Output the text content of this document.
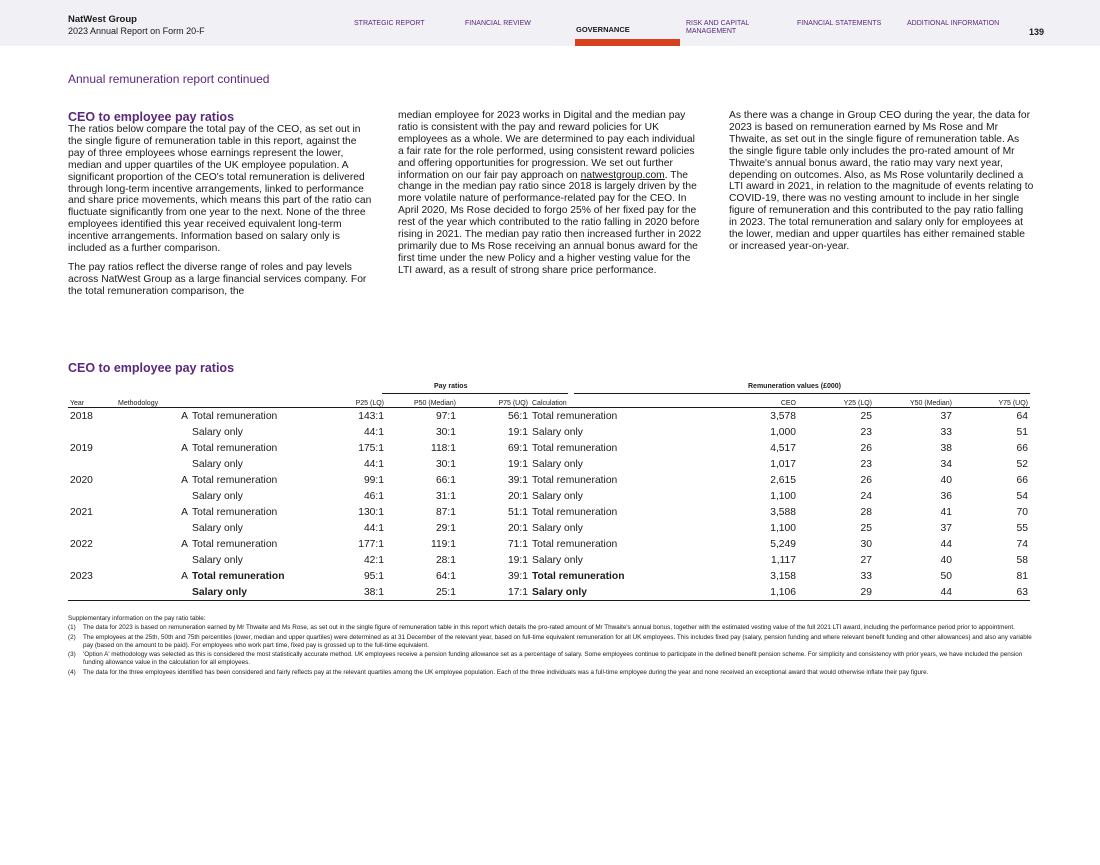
NatWest Group
2023 Annual Report on Form 20-F
STRATEGIC REPORT	FINANCIAL REVIEW
GOVERNANCE
RISK AND CAPITAL MANAGEMENT
FINANCIAL STATEMENTS	ADDITIONAL INFORMATION
139
Annual remuneration report continued
CEO to employee pay ratios

The ratios below compare the total pay of the CEO, as set out in the single figure of remuneration table in this report, against the pay of three employees whose earnings represent the lower, median and upper quartiles of the UK employee population. A significant proportion of the CEO's total remuneration is delivered through long-term incentive arrangements, linked to performance and share price movements, which means this part of the ratio can fluctuate significantly from one year to the next. None of the three employees identified this year received equivalent long-term incentive arrangements. Information based on salary only is included as a further comparison.

The pay ratios reflect the diverse range of roles and pay levels across NatWest Group as a large financial services company. For the total remuneration comparison, the

median employee for 2023 works in Digital and the median pay ratio is consistent with the pay and reward policies for UK employees as a whole. We are determined to pay each individual a fair rate for the role performed, using consistent reward policies and offering opportunities for progression. We set out further information on our fair pay approach on natwestgroup.com. The change in the median pay ratio since 2018 is largely driven by the more volatile nature of performance-related pay for the CEO. In April 2020, Ms Rose decided to forgo 25% of her fixed pay for the rest of the year which contributed to the ratio falling in 2020 before rising in 2021. The median pay ratio then increased further in 2022 primarily due to Ms Rose receiving an annual bonus award for the first time under the new Policy and a higher vesting value for the LTI award, as a result of strong share price performance.

As there was a change in Group CEO during the year, the data for 2023 is based on remuneration earned by Ms Rose and Mr Thwaite, as set out in the single figure of remuneration table. As the single figure table only includes the pro-rated amount of Mr Thwaite's annual bonus award, the ratio may vary next year, depending on outcomes. Also, as Ms Rose voluntarily declined a LTI award in 2021, in relation to the magnitude of events relating to COVID-19, there was no vesting amount to include in her single figure of remuneration and this contributed to the pay ratio falling in 2023. The total remuneration and salary only for employees at the lower, median and upper quartiles has either remained stable or increased year-on-year.

CEO to employee pay ratios
Pay ratios	Remuneration values (£000)
Year	Methodology		P25 (LQ)	P50 (Median)	P75 (UQ)	Calculation	CEO	Y25 (LQ)	Y50 (Median)	Y75 (UQ)
2018	A	Total remuneration	143:1	97:1	56:1	Total remuneration	3,578	25	37	64
		Salary only	44:1	30:1	19:1	Salary only	1,000	23	33	51
2019	A	Total remuneration	175:1	118:1	69:1	Total remuneration	4,517	26	38	66
		Salary only	44:1	30:1	19:1	Salary only	1,017	23	34	52
2020	A	Total remuneration	99:1	66:1	39:1	Total remuneration	2,615	26	40	66
		Salary only	46:1	31:1	20:1	Salary only	1,100	24	36	54
2021	A	Total remuneration	130:1	87:1	51:1	Total remuneration	3,588	28	41	70
		Salary only	44:1	29:1	20:1	Salary only	1,100	25	37	55
2022	A	Total remuneration	177:1	119:1	71:1	Total remuneration	5,249	30	44	74
		Salary only	42:1	28:1	19:1	Salary only	1,117	27	40	58
2023	A	Total remuneration	95:1	64:1	39:1	Total remuneration	3,158	33	50	81
		Salary only	38:1	25:1	17:1	Salary only	1,106	29	44	63
Supplementary information on the pay ratio table:
(1) The data for 2023 is based on remuneration earned by Mr Thwaite and Ms Rose, as set out in the single figure of remuneration table in this report which details the pro-rated amount of Mr Thwaite's annual bonus, together with the estimated vesting value of the full 2021 LTI award, including the performance period prior to appointment.
(2) The employees at the 25th, 50th and 75th percentiles (lower, median and upper quartiles) were determined as at 31 December of the relevant year, based on full-time equivalent remuneration for all UK employees. This includes fixed pay (salary, pension funding and where relevant benefit funding and other allowances) and also any variable pay (based on the amount to be paid). For employees who work part time, fixed pay is grossed up to the full-time equivalent.
(3) 'Option A' methodology was selected as this is considered the most statistically accurate method. UK employees receive a pension funding allowance set as a percentage of salary. Some employees continue to participate in the defined benefit pension scheme. For simplicity and consistency with prior years, we have included the pension funding allowance value in the calculation for all employees.
(4) The data for the three employees identified has been considered and fairly reflects pay at the relevant quartiles among the UK employee population. Each of the three individuals was a full-time employee during the year and none received an exceptional award that would otherwise inflate their pay figure.
